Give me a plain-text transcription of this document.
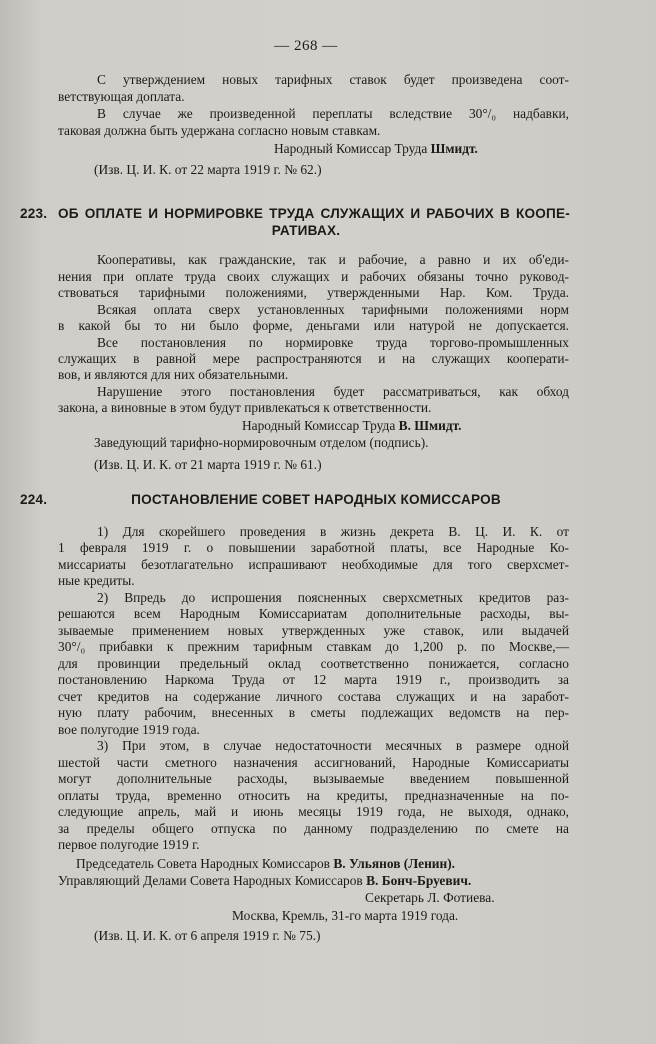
— 268 —
С утверждением новых тарифных ставок будет произведена соот-
ветствующая доплата.
В случае же произведенной переплаты вследствие 30°/₀ надбавки,
таковая должна быть удержана согласно новым ставкам.
Народный Комиссар Труда Шмидт.
(Изв. Ц. И. К. от 22 марта 1919 г. № 62.)
223. ОБ ОПЛАТЕ И НОРМИРОВКЕ ТРУДА СЛУЖАЩИХ И РАБОЧИХ В КООПЕ-
РАТИВАХ.
Кооперативы, как гражданские, так и рабочие, а равно и их об'еди-
нения при оплате труда своих служащих и рабочих обязаны точно руковод-
ствоваться тарифными положениями, утвержденными Нар. Ком. Труда.
Всякая оплата сверх установленных тарифными положениями норм
в какой бы то ни было форме, деньгами или натурой не допускается.
Все постановления по нормировке труда торгово-промышленных
служащих в равной мере распространяются и на служащих кооперати-
вов, и являются для них обязательными.
Нарушение этого постановления будет рассматриваться, как обход
закона, а виновные в этом будут привлекаться к ответственности.
Народный Комиссар Труда В. Шмидт.
Заведующий тарифно-нормировочным отделом (подпись).
(Изв. Ц. И. К. от 21 марта 1919 г. № 61.)
224.	ПОСТАНОВЛЕНИЕ СОВЕТ НАРОДНЫХ КОМИССАРОВ
1) Для скорейшего проведения в жизнь декрета В. Ц. И. К. от
1 февраля 1919 г. о повышении заработной платы, все Народные Ко-
миссариаты безотлагательно испрашивают необходимые для того сверхсмет-
ные кредиты.
2) Впредь до испрошения поясненных сверхсметных кредитов раз-
решаются всем Народным Комиссариатам дополнительные расходы, вы-
зываемые применением новых утвержденных уже ставок, или выдачей
30°/₀ прибавки к прежним тарифным ставкам до 1,200 р. по Москве,—
для провинции предельный оклад соответственно понижается, согласно
постановлению Наркома Труда от 12 марта 1919 г., производить за
счет кредитов на содержание личного состава служащих и на заработ-
ную плату рабочим, внесенных в сметы подлежащих ведомств на пер-
вое полугодие 1919 года.
3) При этом, в случае недостаточности месячных в размере одной
шестой части сметного назначения ассигнований, Народные Комиссариаты
могут дополнительные расходы, вызываемые введением повышенной
оплаты труда, временно относить на кредиты, предназначенные на по-
следующие апрель, май и июнь месяцы 1919 года, не выходя, однако,
за пределы общего отпуска по данному подразделению по смете на
первое полугодие 1919 г.
Председатель Совета Народных Комиссаров В. Ульянов (Ленин).
Управляющий Делами Совета Народных Комиссаров В. Бонч-Бруевич.
Секретарь Л. Фотиева.
Москва, Кремль, 31-го марта 1919 года.
(Изв. Ц. И. К. от 6 апреля 1919 г. № 75.)
